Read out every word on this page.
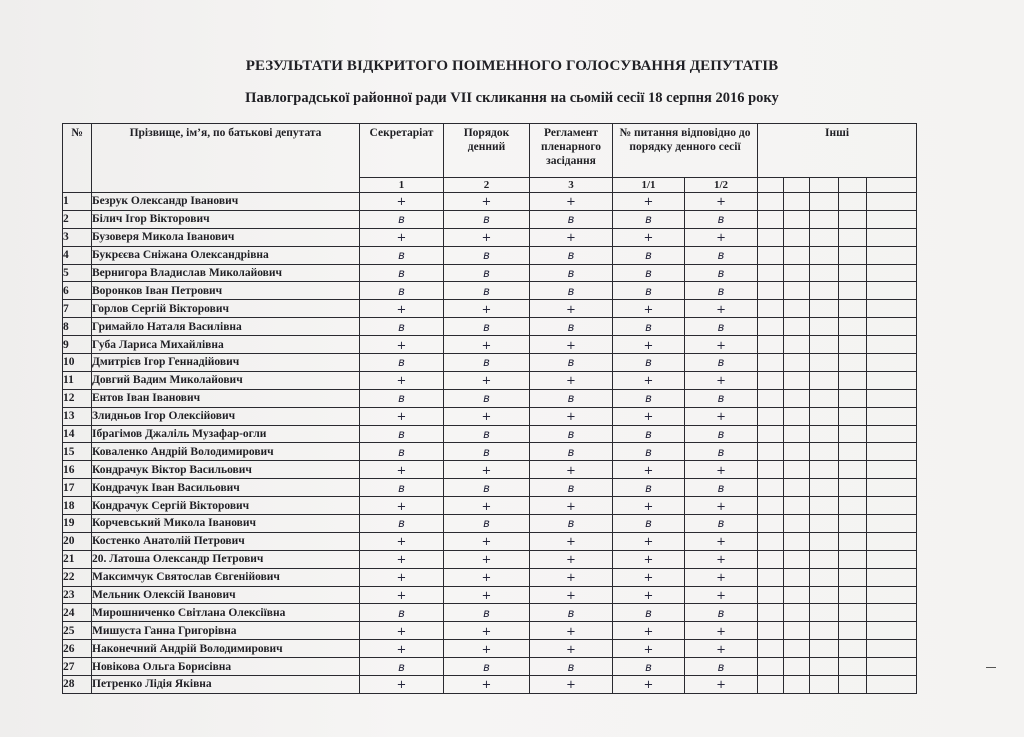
РЕЗУЛЬТАТИ ВІДКРИТОГО ПОІМЕННОГО ГОЛОСУВАННЯ ДЕПУТАТІВ
Павлоградської районної ради VII скликання на сьомій сесії 18 серпня 2016 року
№	Прізвище, ім’я, по батькові депутата	Секретаріат	Порядок денний	Регламент пленарного засідання	№ питання відповідно до порядку денного сесії		Інші				
		1	2	3	1/1	1/2					
1	Безрук Олександр Іванович	+	+	+	+	+					
2	Білич Ігор Вікторович	в	в	в	в	в					
3	Бузоверя Микола Іванович	+	+	+	+	+					
4	Букрєєва Сніжана Олександрівна	в	в	в	в	в					
5	Вернигора Владислав Миколайович	в	в	в	в	в					
6	Воронков Іван Петрович	в	в	в	в	в					
7	Горлов Сергій Вікторович	+	+	+	+	+					
8	Гримайло Наталя Василівна	в	в	в	в	в					
9	Губа Лариса Михайлівна	+	+	+	+	+					
10	Дмитрієв Ігор Геннадійович	в	в	в	в	в					
11	Довгий Вадим Миколайович	+	+	+	+	+					
12	Ентов Іван Іванович	в	в	в	в	в					
13	Злидньов Ігор Олексійович	+	+	+	+	+					
14	Ібрагімов Джаліль Музафар-огли	в	в	в	в	в					
15	Коваленко Андрій Володимирович	в	в	в	в	в					
16	Кондрачук Віктор Васильович	+	+	+	+	+					
17	Кондрачук Іван Васильович	в	в	в	в	в					
18	Кондрачук Сергій Вікторович	+	+	+	+	+					
19	Корчевський Микола Іванович	в	в	в	в	в					
20	Костенко Анатолій Петрович	+	+	+	+	+					
21	20. Латоша Олександр Петрович	+	+	+	+	+					
22	Максимчук Святослав Євгенійович	+	+	+	+	+					
23	Мельник Олексій Іванович	+	+	+	+	+					
24	Мирошниченко Світлана Олексіївна	в	в	в	в	в					
25	Мишуста Ганна Григорівна	+	+	+	+	+					
26	Наконечний Андрій Володимирович	+	+	+	+	+					
27	Новікова Ольга Борисівна	в	в	в	в	в					
28	Петренко Лідія Яківна	+	+	+	+	+					
